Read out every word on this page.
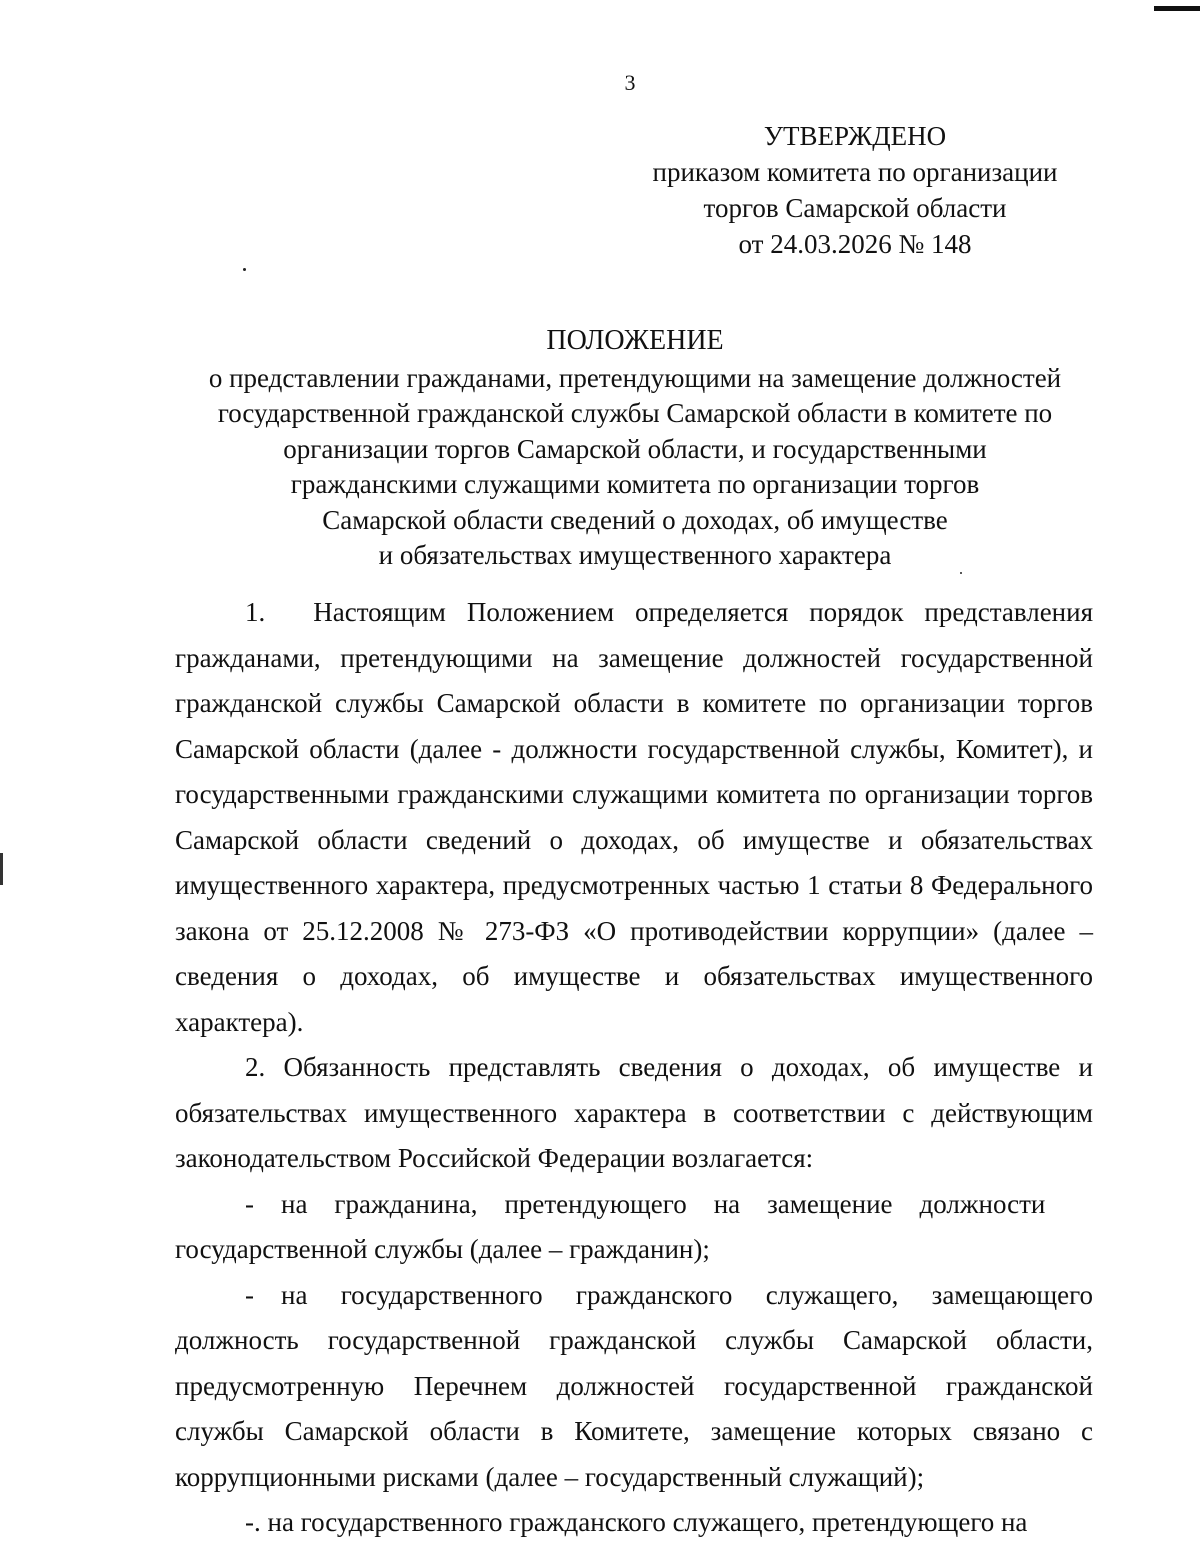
3
УТВЕРЖДЕНО
приказом комитета по организации
торгов Самарской области
от 24.03.2026 № 148
ПОЛОЖЕНИЕ
о представлении гражданами, претендующими на замещение должностей
государственной гражданской службы Самарской области в комитете по
организации торгов Самарской области, и государственными
гражданскими служащими комитета по организации торгов
Самарской области сведений о доходах, об имуществе
и обязательствах имущественного характера

1.  Настоящим Положением определяется порядок представления гражданами, претендующими на замещение должностей государственной гражданской службы Самарской области в комитете по организации торгов Самарской области (далее - должности государственной службы, Комитет), и государственными гражданскими служащими комитета по организации торгов Самарской области сведений о доходах, об имуществе и обязательствах имущественного характера, предусмотренных частью 1 статьи 8 Федерального закона от 25.12.2008 № 273-ФЗ «О противодействии коррупции» (далее – сведения о доходах, об имуществе и обязательствах имущественного характера).

2. Обязанность представлять сведения о доходах, об имуществе и обязательствах имущественного характера в соответствии с действующим законодательством Российской Федерации возлагается:

- на гражданина, претендующего на замещение должности государственной службы (далее – гражданин);

- на государственного гражданского служащего, замещающего должность государственной гражданской службы Самарской области, предусмотренную Перечнем должностей государственной гражданской службы Самарской области в Комитете, замещение которых связано с коррупционными рисками (далее – государственный служащий);

-. на государственного гражданского служащего, претендующего на
